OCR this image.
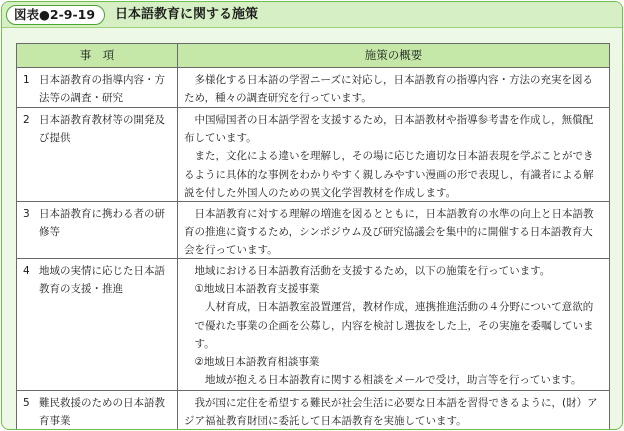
図表●2-9-19	日本語教育に関する施策
事　項	施策の概要
1 日本語教育の指導内容・方法等の調査・研究

多様化する日本語の学習ニーズに対応し，日本語教育の指導内容・方法の充実を図るため，種々の調査研究を行っています。

2 日本語教育教材等の開発及び提供

中国帰国者の日本語学習を支援するため，日本語教材や指導参考書を作成し，無償配布しています。

また，文化による違いを理解し，その場に応じた適切な日本語表現を学ぶことができるように具体的な事例をわかりやすく親しみやすい漫画の形で表現し，有識者による解説を付した外国人のための異文化学習教材を作成します。

3 日本語教育に携わる者の研修等

日本語教育に対する理解の増進を図るとともに，日本語教育の水準の向上と日本語教育の推進に資するため，シンポジウム及び研究協議会を集中的に開催する日本語教育大会を行っています。

4 地域の実情に応じた日本語教育の支援・推進

地域における日本語教育活動を支援するため，以下の施策を行っています。

①地域日本語教育支援事業

人材育成，日本語教室設置運営，教材作成，連携推進活動の４分野について意欲的で優れた事業の企画を公募し，内容を検討し選抜をした上，その実施を委嘱しています。

②地域日本語教育相談事業

地域が抱える日本語教育に関する相談をメールで受け，助言等を行っています。

5 難民救援のための日本語教育事業

我が国に定住を希望する難民が社会生活に必要な日本語を習得できるように，(財）アジア福祉教育財団に委託して日本語教育を実施しています。
